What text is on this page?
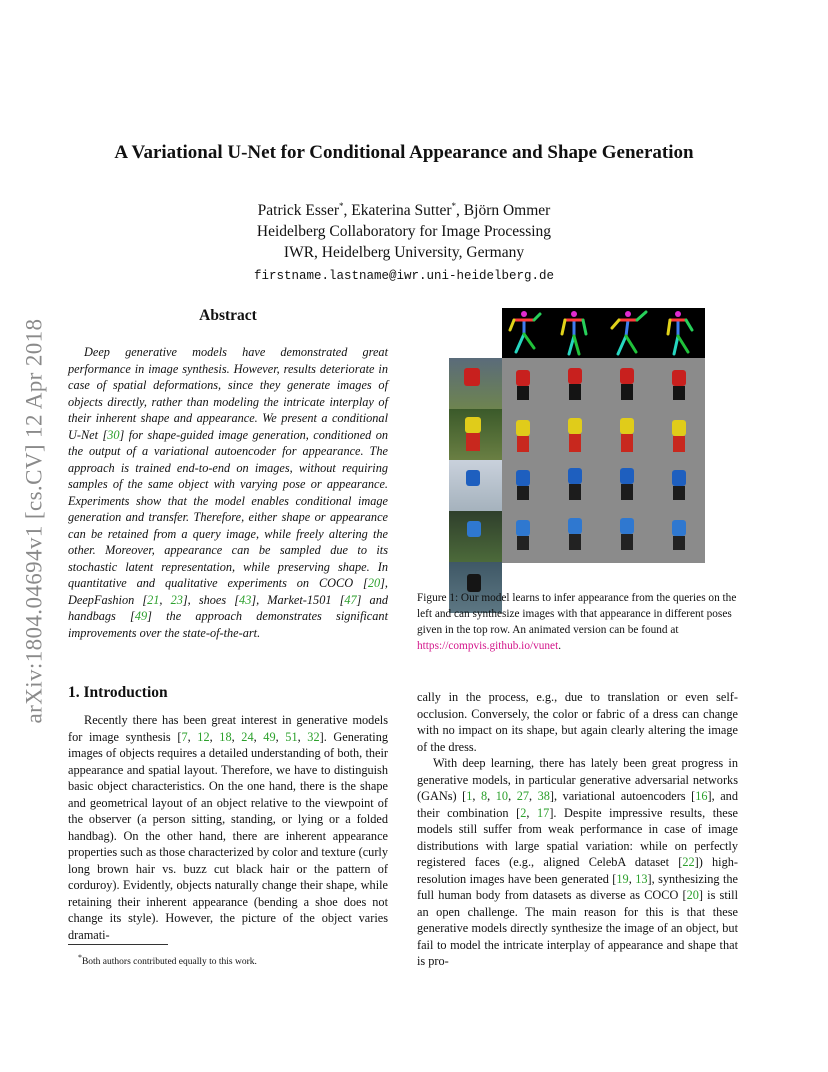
arXiv:1804.04694v1 [cs.CV] 12 Apr 2018
A Variational U-Net for Conditional Appearance and Shape Generation
Patrick Esser*, Ekaterina Sutter*, Björn Ommer
Heidelberg Collaboratory for Image Processing
IWR, Heidelberg University, Germany
firstname.lastname@iwr.uni-heidelberg.de
Abstract
Deep generative models have demonstrated great performance in image synthesis. However, results deteriorate in case of spatial deformations, since they generate images of objects directly, rather than modeling the intricate interplay of their inherent shape and appearance. We present a conditional U-Net [30] for shape-guided image generation, conditioned on the output of a variational autoencoder for appearance. The approach is trained end-to-end on images, without requiring samples of the same object with varying pose or appearance. Experiments show that the model enables conditional image generation and transfer. Therefore, either shape or appearance can be retained from a query image, while freely altering the other. Moreover, appearance can be sampled due to its stochastic latent representation, while preserving shape. In quantitative and qualitative experiments on COCO [20], DeepFashion [21, 23], shoes [43], Market-1501 [47] and handbags [49] the approach demonstrates significant improvements over the state-of-the-art.
Figure 1: Our model learns to infer appearance from the queries on the left and can synthesize images with that appearance in different poses given in the top row. An animated version can be found at https://compvis.github.io/vunet.
1. Introduction

Recently there has been great interest in generative models for image synthesis [7, 12, 18, 24, 49, 51, 32]. Generating images of objects requires a detailed understanding of both, their appearance and spatial layout. Therefore, we have to distinguish basic object characteristics. On the one hand, there is the shape and geometrical layout of an object relative to the viewpoint of the observer (a person sitting, standing, or lying or a folded handbag). On the other hand, there are inherent appearance properties such as those characterized by color and texture (curly long brown hair vs. buzz cut black hair or the pattern of corduroy). Evidently, objects naturally change their shape, while retaining their inherent appearance (bending a shoe does not change its style). However, the picture of the object varies dramati-

cally in the process, e.g., due to translation or even self-occlusion. Conversely, the color or fabric of a dress can change with no impact on its shape, but again clearly altering the image of the dress.

With deep learning, there has lately been great progress in generative models, in particular generative adversarial networks (GANs) [1, 8, 10, 27, 38], variational autoencoders [16], and their combination [2, 17]. Despite impressive results, these models still suffer from weak performance in case of image distributions with large spatial variation: while on perfectly registered faces (e.g., aligned CelebA dataset [22]) high-resolution images have been generated [19, 13], synthesizing the full human body from datasets as diverse as COCO [20] is still an open challenge. The main reason for this is that these generative models directly synthesize the image of an object, but fail to model the intricate interplay of appearance and shape that is pro-

*Both authors contributed equally to this work.
